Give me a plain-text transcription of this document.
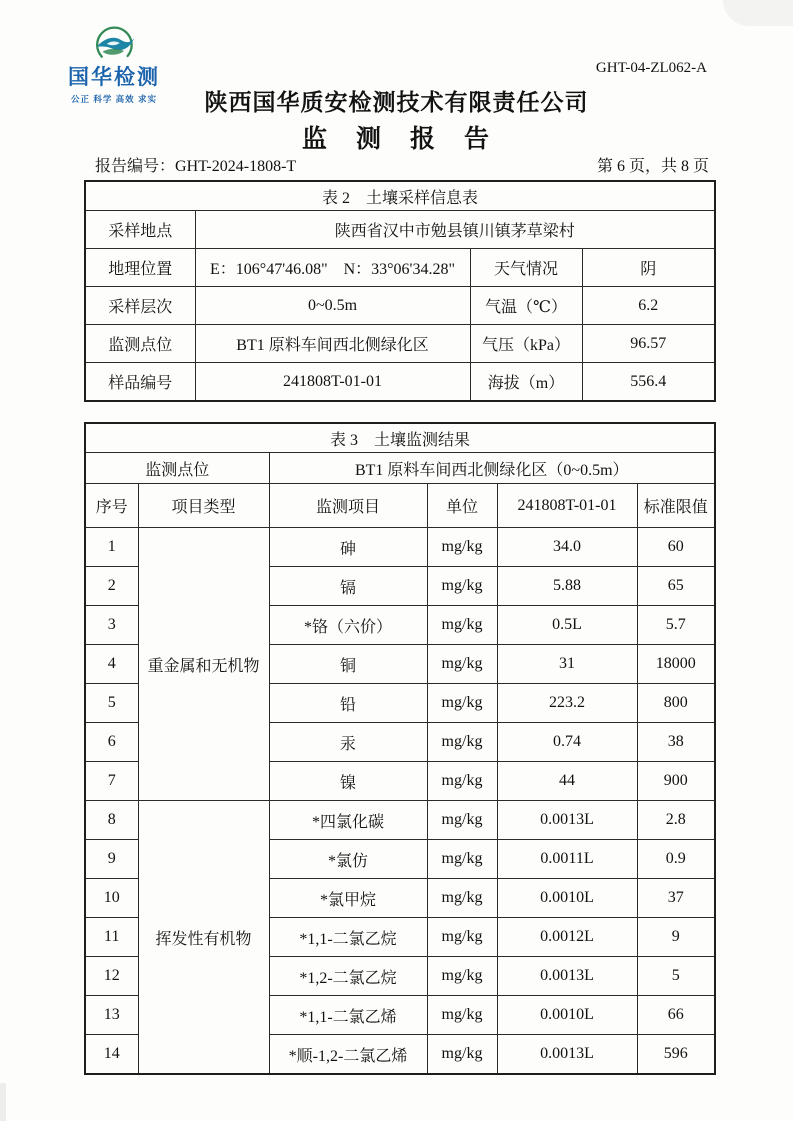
国华检测
公正 科学 高效 求实
GHT-04-ZL062-A
陕西国华质安检测技术有限责任公司
监　测　报　告
报告编号：GHT-2024-1808-T	第 6 页，共 8 页
表 2　土壤采样信息表			
采样地点	陕西省汉中市勉县镇川镇茅草梁村		
地理位置	E：106°47'46.08"　N：33°06'34.28"	天气情况	阴
采样层次	0~0.5m	气温（℃）	6.2
监测点位	BT1 原料车间西北侧绿化区	气压（kPa）	96.57
样品编号	241808T-01-01	海拔（m）	556.4
表 3　土壤监测结果					
监测点位		BT1 原料车间西北侧绿化区（0~0.5m）			
序号	项目类型	监测项目	单位	241808T-01-01	标准限值
1	重金属和无机物	砷	mg/kg	34.0	60
2		镉	mg/kg	5.88	65
3		*铬（六价）	mg/kg	0.5L	5.7
4		铜	mg/kg	31	18000
5		铅	mg/kg	223.2	800
6		汞	mg/kg	0.74	38
7		镍	mg/kg	44	900
8	挥发性有机物	*四氯化碳	mg/kg	0.0013L	2.8
9		*氯仿	mg/kg	0.0011L	0.9
10		*氯甲烷	mg/kg	0.0010L	37
11		*1,1-二氯乙烷	mg/kg	0.0012L	9
12		*1,2-二氯乙烷	mg/kg	0.0013L	5
13		*1,1-二氯乙烯	mg/kg	0.0010L	66
14		*顺-1,2-二氯乙烯	mg/kg	0.0013L	596
